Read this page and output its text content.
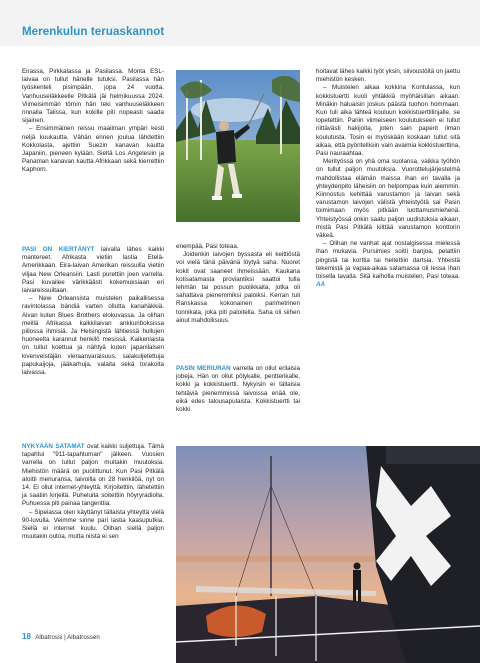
Merenkulun teruaskannot

Eirassa, Pirkkalassa ja Pasilassa. Monta ESL-laivaa on tullut hänelle tutuksi. Pasilassa hän työskenteli pisimpään, jopa 24 vuotta. Vanhuuseläkkeelle Pitkälä jäi helmikuussa 2024. Viimeisimmän törnin hän teki vanhuuseläkkeen rinnalla Talissa, kun kokille piti nopeasti saada sijainen.

– Ensimmäinen reissu maailman ympäri kesti neljä kuukautta. Vähän ennen joulua lähdettiin Kokkolasta, ajettiin Suezin kanavan kautta Japaniin, pieneen kylään. Sieltä Los Angelesiin ja Panaman kanavan kautta Afrikkaan sekä kierrettiin Kaphorn.

PASI ON KIERTÄNYT laivalla lähes kaikki mantereet. Afrikasta vietiin lastia Etelä-Amerikkaan. Eira-laivan Amerikan reissuilla vietiin viljaa New Orleansiin. Lasti purettiin joen varrella. Pasi kuvailee värikkäästi kokemuksiaan eri laivareissuiltaan.

– New Orleansista muistelen paikallisessa ravintolassa bändiä varten ollutta kanahäkkiä. Aivan kuten Blues Brothers elokuvassa. Ja olihan meillä Afrikassa kalkkilaivan ankkuriboksissa piilossa ihmisiä. Ja Helsingistä lähtiessä hullujen huoneelta karannut henkilö mesissä. Kaikenlaista on tullut koettua ja nähtyä kuten japanilaisen kivenveistäjän vieraanvaraisuus, salakuljetettuja papukaijoja, jääkarhuja, valaita sekä torakoita laivassa.

enempää, Pasi toteaa.

Joidenkin laivojen byssasta eli keittiöstä voi vielä tänä päivänä löytyä saha. Nuoret kokit ovat saaneet ihmeissään. Kaukana kotisatamasta proviantiksi saattoi tulla lehmän tai possun puolikkaita, jotka oli sahattava pienemmiksi paloiksi. Kerran tuli Ranskassa kokonainen parimetrinen tonnikala, joka piti paloitella. Saha oli siihen ainut mahdollisuus.

PASIN MERIURAN varrella on ollut erilaisia jobeja. Hän on ollut pölykalle, pentterikalle, kokki ja kokkistuertti. Nykyisin ei tällaisia tehtäviä pienemmissä laivoissa enää ole, eikä edes talousapulaista. Kokkistuertti tai kokki

hoitavat lähes kaikki työt yksin, siivoustöitä on jaettu miehistön kesken.

– Muistelen aikaa kokkina Kontulassa, kun kokkistuertti kuoli yhtäkkiä myöhäisillan aikaan. Minäkin haluaisin joskus päästä tuohon hommaan. Kun tuli aika lähteä kouluun kokkistuerttilinjalle, se lopetettiin. Pariin viimeiseen koulutukseen ei tullut riittävästi hakijoita, joten sain paperit ilman koulutusta. Tosin ei myöskään koskaan tullut sitä aikaa, että pyöritellisiin vain avaimia kokkistuerttina, Pasi nauraahtaa.

Merityössä on yhä oma suolansa, vaikka työhön on tullut paljon muutoksia. Vuorottelujärjestelmä mahdollistaa elämän maissa ihan eri tavalla ja yhteydenpito läheisiin on helpompaa kuin aiemmin. Kiinnostus kehittää varustamon ja laivan sekä varustamon laivojen välistä yhteistyötä sai Pasin toimimaan myös pitkään luottamusmiehenä. Yhteistyössä onkin saatu paljon uudistuksia aikaan, mistä Pasi Pitkälä kiittää varustamon konttorin väkeä.

– Olihan ne vanhat ajat nostalgisessa mielessä ihan mukavia. Pursimies soitti banjoa, pelattiin pingistä tai korttia tai heitettiin dartsia. Yhteistä tekemistä ja vapaa-aikaa satamassa oli lessa ihan toisella tavalla. Sitä kaiholla muistelen, Pasi toteaa. AA

NYKYÄÄN SATAMAT ovat kaikki suljettuja. Tämä tapahtui "911-tapahtuman" jälkeen. Vuosien varrella on tullut paljon muitakin muutoksia. Miehistön määrä on puolittunut. Kun Pasi Pitkälä aloitti meriuransa, laivoilla on 28 henkilöä, nyt on 14. Ei ollut internet-yhteyttä. Kirjoitettiin, lähetettiin ja saatiin kirjeitä. Puheluita soitettiin höyryradiolla. Puhuessa piti painaa tangenttia.

– Sipeiassa olen käyttänyt tällaista yhteyttä vielä 90-luvulla. Veimme sinne pari lastia kaasuputkia. Siellä ei internet kuulu. Olihan siellä paljon muutakin outoa, mutta niistä ei sen

18 Albatrossi | Albatrossen
